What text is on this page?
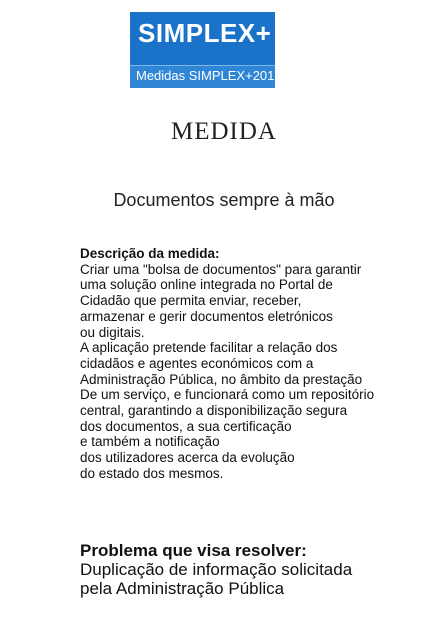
SIMPLEX+
Medidas SIMPLEX+2016
MEDIDA
Documentos sempre à mão
Descrição da medida:
Criar uma "bolsa de documentos" para garantir
uma solução online integrada no Portal de
Cidadão que permita enviar, receber,
armazenar e gerir documentos eletrónicos
ou digitais.
A aplicação pretende facilitar a relação dos
cidadãos e agentes económicos com a
Administração Pública, no âmbito da prestação
De um serviço, e funcionará como um repositório
central, garantindo a disponibilização segura
dos documentos, a sua certificação
e também a notificação
dos utilizadores acerca da evolução
do estado dos mesmos.
Problema que visa resolver:
Duplicação de informação solicitada
pela Administração Pública
